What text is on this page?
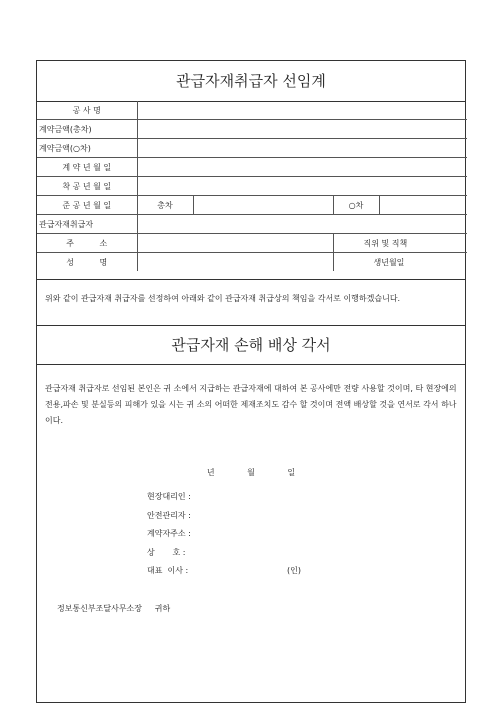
관급자재취급자 선임계
공 사 명				
계약금액(총차)				
계약금액(○차)				
계 약 년 월 일				
착 공 년 월 일				
준 공 년 월 일	총차		○차	
관급자재취급자				
주          소			직위 및 직책	
성          명			생년월일	
위와 같이 관급자재 취급자를 선정하여 아래와 같이 관급자재 취급상의 책임을 각서로 이행하겠습니다.
관급자재 손해 배상 각서
관급자재 취급자로 선임된 본인은 귀 소에서 지급하는 관급자재에 대하여 본 공사에만 전량 사용할 것이며, 타 현장에의 전용,파손 및 분실등의 피해가 있을 시는 귀 소의 어떠한 제재조치도 감수 할 것이며 전액 배상할 것을 연서로 각서 하나이다.
년 월 일
현장대리인 :
안전관리자 :
계약자주소 :
상       호 :
대표  이사 :	(인)
정보통신부조달사무소장     귀하
